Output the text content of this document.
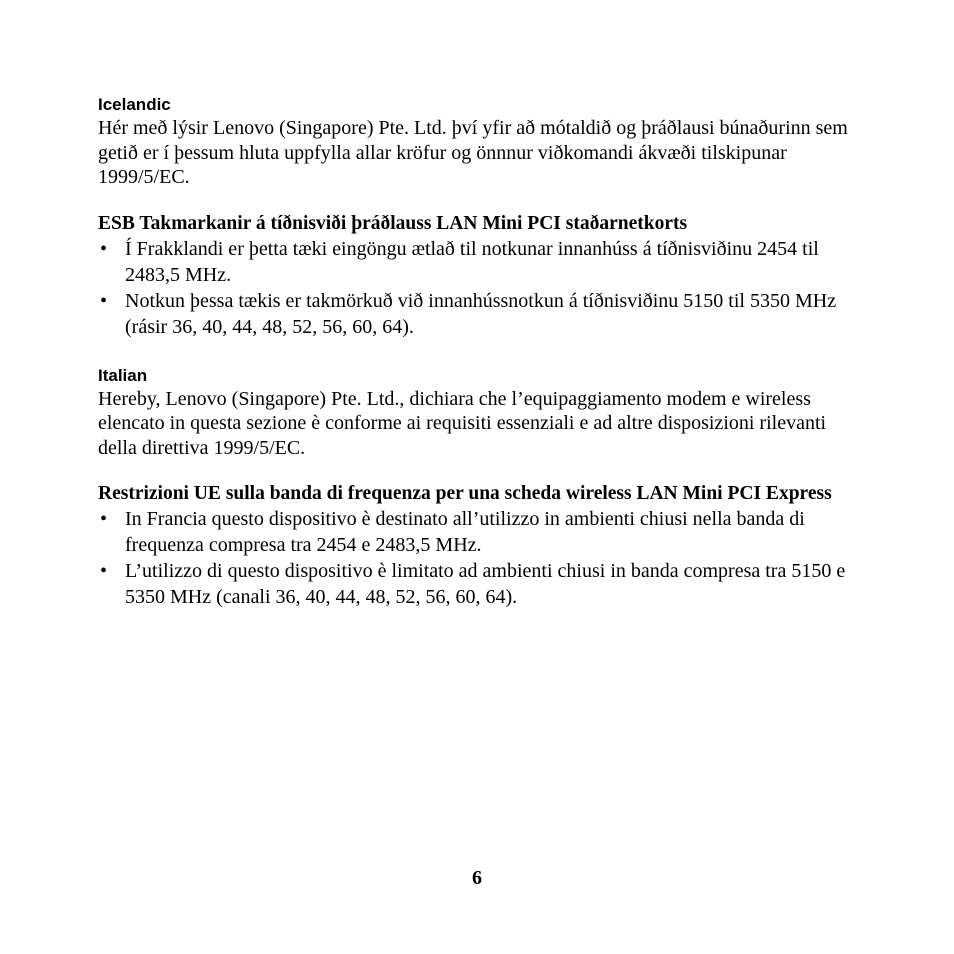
Icelandic

Hér með lýsir Lenovo (Singapore) Pte. Ltd. því yfir að mótaldið og þráðlausi búnaðurinn sem getið er í þessum hluta uppfylla allar kröfur og önnnur viðkomandi ákvæði tilskipunar 1999/5/EC.

ESB Takmarkanir á tíðnisviði þráðlauss LAN Mini PCI staðarnetkorts
• Í Frakklandi er þetta tæki eingöngu ætlað til notkunar innanhúss á tíðnisviðinu 2454 til 2483,5 MHz.
• Notkun þessa tækis er takmörkuð við innanhússnotkun á tíðnisviðinu 5150 til 5350 MHz (rásir 36, 40, 44, 48, 52, 56, 60, 64).
Italian

Hereby, Lenovo (Singapore) Pte. Ltd., dichiara che l’equipaggiamento modem e wireless elencato in questa sezione è conforme ai requisiti essenziali e ad altre disposizioni rilevanti della direttiva 1999/5/EC.

Restrizioni UE sulla banda di frequenza per una scheda wireless LAN Mini PCI Express
• In Francia questo dispositivo è destinato all’utilizzo in ambienti chiusi nella banda di frequenza compresa tra 2454 e 2483,5 MHz.
• L’utilizzo di questo dispositivo è limitato ad ambienti chiusi in banda compresa tra 5150 e 5350 MHz (canali 36, 40, 44, 48, 52, 56, 60, 64).
6
